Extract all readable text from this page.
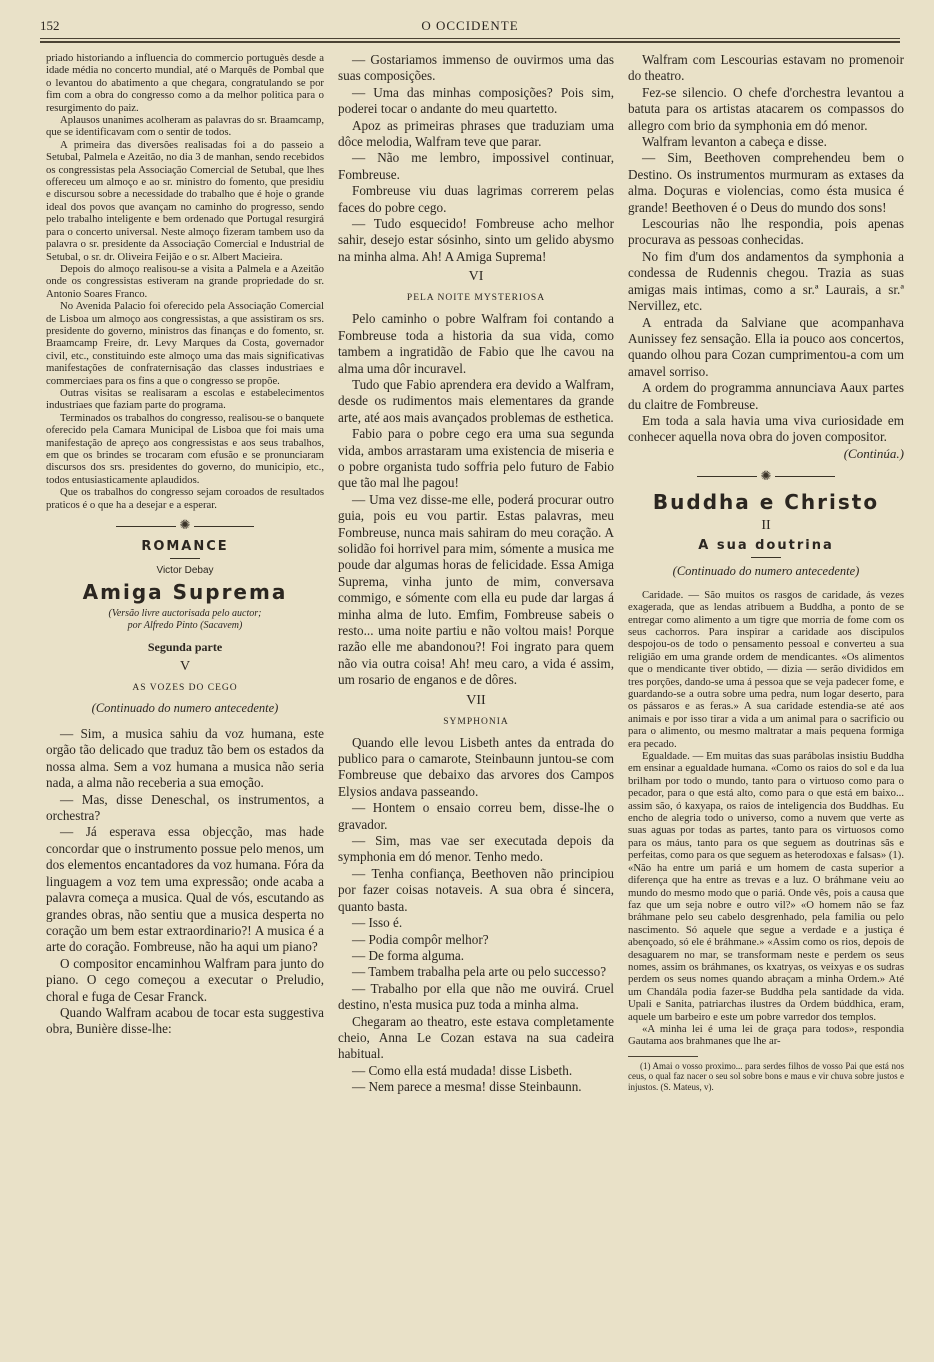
152	O OCCIDENTE

priado historiando a influencia do commercio portuguès desde a idade média no concerto mundial, até o Marquês de Pombal que o levantou do abatimento a que chegara, congratulando se por fim com a obra do congresso como a da melhor politica para o resurgimento do paiz.

Aplausos unanimes acolheram as palavras do sr. Braamcamp, que se identificavam com o sentir de todos.

A primeira das diversões realisadas foi a do passeio a Setubal, Palmela e Azeitão, no dia 3 de manhan, sendo recebidos os congressistas pela Associação Comercial de Setubal, que lhes offereceu um almoço e ao sr. ministro do fomento, que presidiu e discursou sobre a necessidade do trabalho que é hoje o grande ideal dos povos que avançam no caminho do progresso, sendo pelo trabalho inteligente e bem ordenado que Portugal resurgirá para o concerto universal. Neste almoço fizeram tambem uso da palavra o sr. presidente da Associação Comercial e Industrial de Setubal, o sr. dr. Oliveira Feijão e o sr. Albert Macieira.

Depois do almoço realisou-se a visita a Palmela e a Azeitão onde os congressistas estiveram na grande propriedade do sr. Antonio Soares Franco.

No Avenida Palacio foi oferecido pela Associação Comercial de Lisboa um almoço aos congressistas, a que assistiram os srs. presidente do governo, ministros das finanças e do fomento, sr. Braamcamp Freire, dr. Levy Marques da Costa, governador civil, etc., constituindo este almoço uma das mais significativas manifestações de confraternisação das classes industriaes e commerciaes para os fins a que o congresso se propõe.

Outras visitas se realisaram a escolas e estabelecimentos industriaes que faziam parte do programa.

Terminados os trabalhos do congresso, realisou-se o banquete oferecido pela Camara Municipal de Lisboa que foi mais uma manifestação de apreço aos congressistas e aos seus trabalhos, em que os brindes se trocaram com efusão e se pronunciaram discursos dos srs. presidentes do governo, do municipio, etc., todos entusiasticamente aplaudidos.

Que os trabalhos do congresso sejam coroados de resultados praticos é o que ha a desejar e a esperar.

✺
ROMANCE
Victor Debay
Amiga Suprema
(Versão livre auctorisada pelo auctor;
por Alfredo Pinto (Sacavem)
Segunda parte
V
AS VOZES DO CEGO
(Continuado do numero antecedente)

— Sim, a musica sahiu da voz humana, este orgão tão delicado que traduz tão bem os estados da nossa alma. Sem a voz humana a musica não seria nada, a alma não receberia a sua emoção.

— Mas, disse Deneschal, os instrumentos, a orchestra?

— Já esperava essa objecção, mas hade concordar que o instrumento possue pelo menos, um dos elementos encantadores da voz humana. Fóra da linguagem a voz tem uma expressão; onde acaba a palavra começa a musica. Qual de vós, escutando as grandes obras, não sentiu que a musica desperta no coração um bem estar extraordinario?! A musica é a arte do coração. Fombreuse, não ha aqui um piano?

O compositor encaminhou Walfram para junto do piano. O cego começou a executar o Preludio, choral e fuga de Cesar Franck.

Quando Walfram acabou de tocar esta suggestiva obra, Bunière disse-lhe:

— Gostariamos immenso de ouvirmos uma das suas composições.

— Uma das minhas composições? Pois sim, poderei tocar o andante do meu quartetto.

Apoz as primeiras phrases que traduziam uma dôce melodia, Walfram teve que parar.

— Não me lembro, impossivel continuar, Fombreuse.

Fombreuse viu duas lagrimas correrem pelas faces do pobre cego.

— Tudo esquecido! Fombreuse acho melhor sahir, desejo estar sósinho, sinto um gelido abysmo na minha alma. Ah! A Amiga Suprema!

VI
PELA NOITE MYSTERIOSA

Pelo caminho o pobre Walfram foi contando a Fombreuse toda a historia da sua vida, como tambem a ingratidão de Fabio que lhe cavou na alma uma dôr incuravel.

Tudo que Fabio aprendera era devido a Walfram, desde os rudimentos mais elementares da grande arte, até aos mais avançados problemas de esthetica.

Fabio para o pobre cego era uma sua segunda vida, ambos arrastaram uma existencia de miseria e o pobre organista tudo soffria pelo futuro de Fabio que tão mal lhe pagou!

— Uma vez disse-me elle, poderá procurar outro guia, pois eu vou partir. Estas palavras, meu Fombreuse, nunca mais sahiram do meu coração. A solidão foi horrivel para mim, sómente a musica me poude dar algumas horas de felicidade. Essa Amiga Suprema, vinha junto de mim, conversava commigo, e sómente com ella eu pude dar largas á minha alma de luto. Emfim, Fombreuse sabeis o resto... uma noite partiu e não voltou mais! Porque razão elle me abandonou?! Foi ingrato para quem não via outra coisa! Ah! meu caro, a vida é assim, um rosario de enganos e de dôres.

VII
SYMPHONIA

Quando elle levou Lisbeth antes da entrada do publico para o camarote, Steinbaunn juntou-se com Fombreuse que debaixo das arvores dos Campos Elysios andava passeando.

— Hontem o ensaio correu bem, disse-lhe o gravador.

— Sim, mas vae ser executada depois da symphonia em dó menor. Tenho medo.

— Tenha confiança, Beethoven não principiou por fazer coisas notaveis. A sua obra é sincera, quanto basta.

— Isso é.

— Podia compôr melhor?

— De forma alguma.

— Tambem trabalha pela arte ou pelo successo?

— Trabalho por ella que não me ouvirá. Cruel destino, n'esta musica puz toda a minha alma.

Chegaram ao theatro, este estava completamente cheio, Anna Le Cozan estava na sua cadeira habitual.

— Como ella está mudada! disse Lisbeth.

— Nem parece a mesma! disse Steinbaunn.

Walfram com Lescourias estavam no promenoir do theatro.

Fez-se silencio. O chefe d'orchestra levantou a batuta para os artistas atacarem os compassos do allegro com brio da symphonia em dó menor.

Walfram levanton a cabeça e disse.

— Sim, Beethoven comprehendeu bem o Destino. Os instrumentos murmuram as extases da alma. Doçuras e violencias, como ésta musica é grande! Beethoven é o Deus do mundo dos sons!

Lescourias não lhe respondia, pois apenas procurava as pessoas conhecidas.

No fim d'um dos andamentos da symphonia a condessa de Rudennis chegou. Trazia as suas amigas mais intimas, como a sr.ª Laurais, a sr.ª Nervillez, etc.

A entrada da Salviane que acompanhava Aunissey fez sensação. Ella ia pouco aos concertos, quando olhou para Cozan cumprimentou-a com um amavel sorriso.

A ordem do programma annunciava Aaux partes du claitre de Fombreuse.

Em toda a sala havia uma viva curiosidade em conhecer aquella nova obra do joven compositor.

(Continúa.)
✺
Buddha e Christo
II
A sua doutrina
(Continuado do numero antecedente)

Caridade. — São muitos os rasgos de caridade, ás vezes exagerada, que as lendas atribuem a Buddha, a ponto de se entregar como alimento a um tigre que morria de fome com os seus cachorros. Para inspirar a caridade aos discipulos despojou-os de todo o pensamento pessoal e converteu a sua religião em uma grande ordem de mendicantes. «Os alimentos que o mendicante tiver obtido, — dizia — serão divididos em tres porções, dando-se uma á pessoa que se veja padecer fome, e guardando-se a outra sobre uma pedra, num logar deserto, para os pássaros e as feras.» A sua caridade estendia-se até aos animais e por isso tirar a vida a um animal para o sacrificio ou para o alimento, ou mesmo maltratar a mais pequena formiga era pecado.

Egualdade. — Em muitas das suas parábolas insistiu Buddha em ensinar a egualdade humana. «Como os raios do sol e da lua brilham por todo o mundo, tanto para o virtuoso como para o pecador, para o que está alto, como para o que está em baixo... assim são, ó kaxyapa, os raios de inteligencia dos Buddhas. Eu encho de alegria todo o universo, como a nuvem que verte as suas aguas por todas as partes, tanto para os virtuosos como para os máus, tanto para os que seguem as doutrinas sãs e perfeitas, como para os que seguem as heterodoxas e falsas» (1). «Não ha entre um pariá e um homem de casta superior a diferença que ha entre as trevas e a luz. O bráhmane veiu ao mundo do mesmo modo que o pariá. Onde vês, pois a causa que faz que um seja nobre e outro vil?» «O homem não se faz bráhmane pelo seu cabelo desgrenhado, pela familia ou pelo nascimento. Só aquele que segue a verdade e a justiça é abençoado, só ele é bráhmane.» «Assim como os rios, depois de desaguarem no mar, se transformam neste e perdem os seus nomes, assim os bráhmanes, os kxatryas, os veixyas e os sudras perdem os seus nomes quando abraçam a minha Ordem.» Até um Chandála podia fazer-se Buddha pela santidade da vida. Upali e Sanita, patriarchas ilustres da Ordem búddhica, eram, aquele um barbeiro e este um pobre varredor dos templos.

«A minha lei é uma lei de graça para todos», respondia Gautama aos brahmanes que lhe ar-

(1) Amai o vosso proximo... para serdes filhos de vosso Pai que está nos ceus, o qual faz nacer o seu sol sobre bons e maus e vir chuva sobre justos e injustos. (S. Mateus, v).
